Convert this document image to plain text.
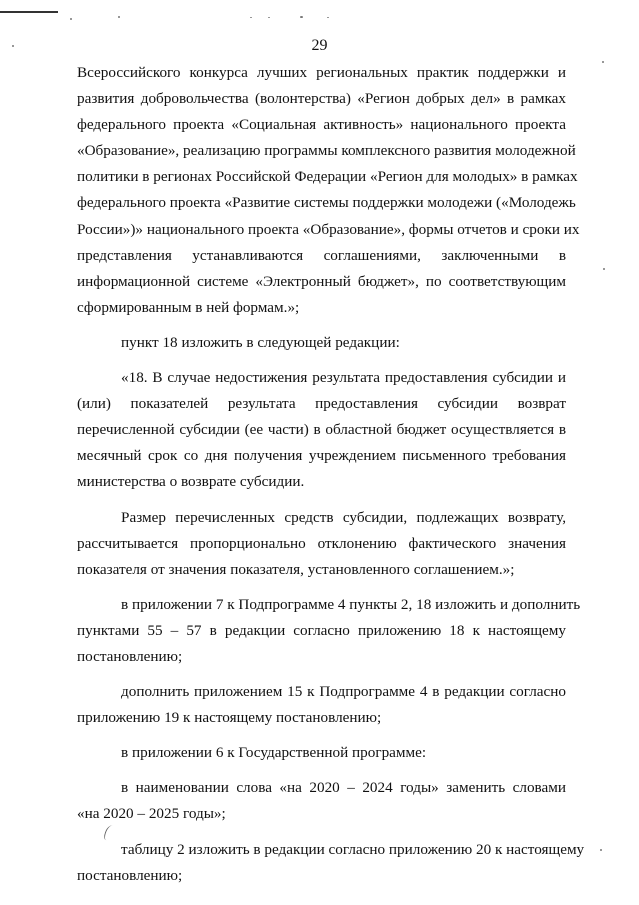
29
Всероссийского конкурса лучших региональных практик поддержки и
развития добровольчества (волонтерства) «Регион добрых дел» в рамках
федерального проекта «Социальная активность» национального проекта
«Образование», реализацию программы комплексного развития молодежной
политики в регионах Российской Федерации «Регион для молодых» в рамках
федерального проекта «Развитие системы поддержки молодежи («Молодежь
России»)» национального проекта «Образование», формы отчетов и сроки их
представления устанавливаются соглашениями, заключенными в
информационной системе «Электронный бюджет», по соответствующим
сформированным в ней формам.»;
пункт 18 изложить в следующей редакции:
«18. В случае недостижения результата предоставления субсидии и
(или) показателей результата предоставления субсидии возврат
перечисленной субсидии (ее части) в областной бюджет осуществляется в
месячный срок со дня получения учреждением письменного требования
министерства о возврате субсидии.
Размер перечисленных средств субсидии, подлежащих возврату,
рассчитывается пропорционально отклонению фактического значения
показателя от значения показателя, установленного соглашением.»;
в приложении 7 к Подпрограмме 4 пункты 2, 18 изложить и дополнить
пунктами 55 – 57 в редакции согласно приложению 18 к настоящему
постановлению;
дополнить приложением 15 к Подпрограмме 4 в редакции согласно
приложению 19 к настоящему постановлению;
в приложении 6 к Государственной программе:
в наименовании слова «на 2020 – 2024 годы» заменить словами
«на 2020 – 2025 годы»;
таблицу 2 изложить в редакции согласно приложению 20 к настоящему
постановлению;
